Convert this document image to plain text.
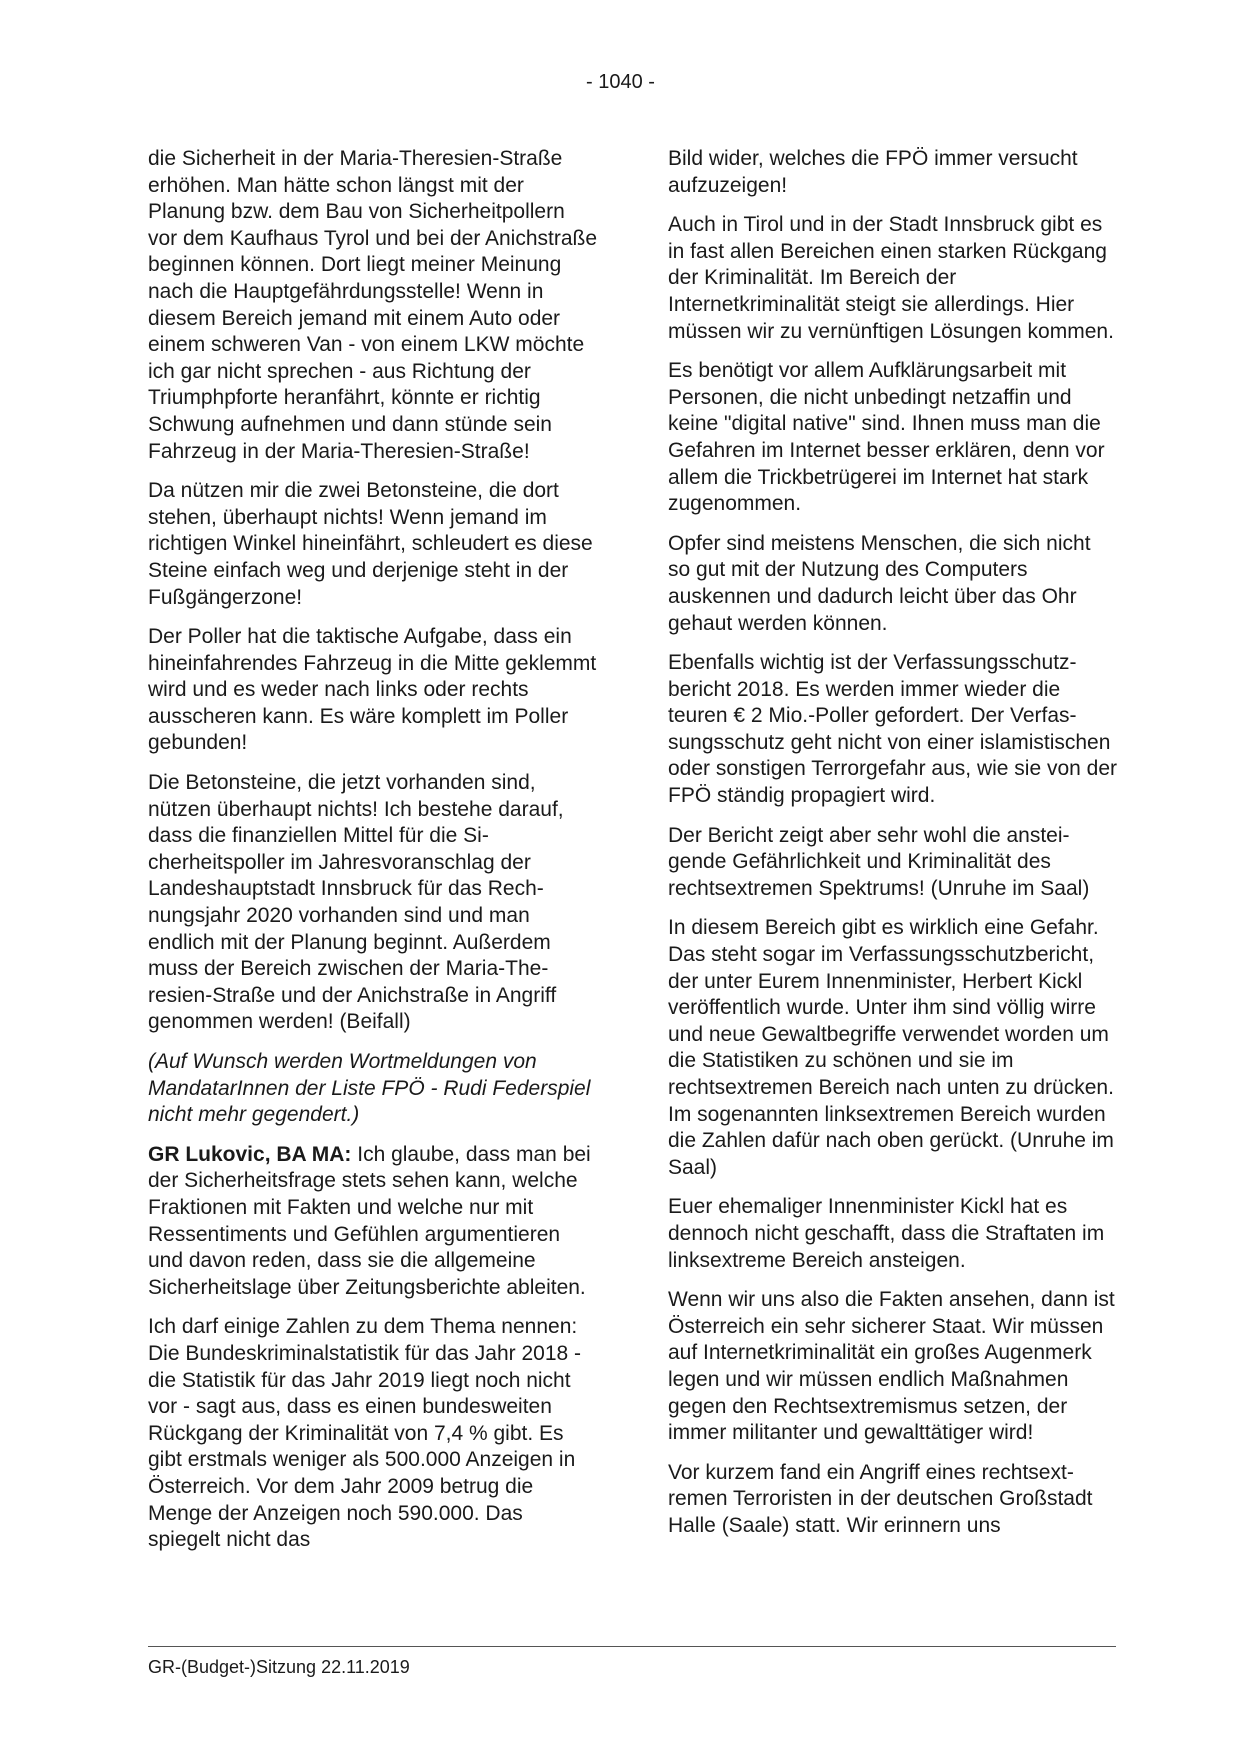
- 1040 -

die Sicherheit in der Maria-Theresien-Straße erhöhen. Man hätte schon längst mit der Planung bzw. dem Bau von Sicherheitpollern vor dem Kaufhaus Tyrol und bei der Anichstraße beginnen können. Dort liegt meiner Meinung nach die Hauptgefährdungsstelle! Wenn in diesem Bereich jemand mit einem Auto oder einem schweren Van - von einem LKW möchte ich gar nicht sprechen - aus Richtung der Triumphpforte heranfährt, könnte er richtig Schwung aufnehmen und dann stünde sein Fahrzeug in der Maria-Theresien-Straße!

Da nützen mir die zwei Betonsteine, die dort stehen, überhaupt nichts! Wenn jemand im richtigen Winkel hineinfährt, schleudert es diese Steine einfach weg und derjenige steht in der Fußgängerzone!

Der Poller hat die taktische Aufgabe, dass ein hineinfahrendes Fahrzeug in die Mitte geklemmt wird und es weder nach links oder rechts ausscheren kann. Es wäre komplett im Poller gebunden!

Die Betonsteine, die jetzt vorhanden sind, nützen überhaupt nichts! Ich bestehe darauf, dass die finanziellen Mittel für die Sicherheitspoller im Jahresvoranschlag der Landeshauptstadt Innsbruck für das Rechnungsjahr 2020 vorhanden sind und man endlich mit der Planung beginnt. Außerdem muss der Bereich zwischen der Maria-Theresien-Straße und der Anichstraße in Angriff genommen werden! (Beifall)

(Auf Wunsch werden Wortmeldungen von MandatarInnen der Liste FPÖ - Rudi Federspiel nicht mehr gegendert.)

GR Lukovic, BA MA: Ich glaube, dass man bei der Sicherheitsfrage stets sehen kann, welche Fraktionen mit Fakten und welche nur mit Ressentiments und Gefühlen argumentieren und davon reden, dass sie die allgemeine Sicherheitslage über Zeitungsberichte ableiten.

Ich darf einige Zahlen zu dem Thema nennen: Die Bundeskriminalstatistik für das Jahr 2018 - die Statistik für das Jahr 2019 liegt noch nicht vor - sagt aus, dass es einen bundesweiten Rückgang der Kriminalität von 7,4 % gibt. Es gibt erstmals weniger als 500.000 Anzeigen in Österreich. Vor dem Jahr 2009 betrug die Menge der Anzeigen noch 590.000. Das spiegelt nicht das

Bild wider, welches die FPÖ immer versucht aufzuzeigen!

Auch in Tirol und in der Stadt Innsbruck gibt es in fast allen Bereichen einen starken Rückgang der Kriminalität. Im Bereich der Internetkriminalität steigt sie allerdings. Hier müssen wir zu vernünftigen Lösungen kommen.

Es benötigt vor allem Aufklärungsarbeit mit Personen, die nicht unbedingt netzaffin und keine "digital native" sind. Ihnen muss man die Gefahren im Internet besser erklären, denn vor allem die Trickbetrügerei im Internet hat stark zugenommen.

Opfer sind meistens Menschen, die sich nicht so gut mit der Nutzung des Computers auskennen und dadurch leicht über das Ohr gehaut werden können.

Ebenfalls wichtig ist der Verfassungsschutzbericht 2018. Es werden immer wieder die teuren € 2 Mio.-Poller gefordert. Der Verfassungsschutz geht nicht von einer islamistischen oder sonstigen Terrorgefahr aus, wie sie von der FPÖ ständig propagiert wird.

Der Bericht zeigt aber sehr wohl die ansteigende Gefährlichkeit und Kriminalität des rechtsextremen Spektrums! (Unruhe im Saal)

In diesem Bereich gibt es wirklich eine Gefahr. Das steht sogar im Verfassungsschutzbericht, der unter Eurem Innenminister, Herbert Kickl veröffentlich wurde. Unter ihm sind völlig wirre und neue Gewaltbegriffe verwendet worden um die Statistiken zu schönen und sie im rechtsextremen Bereich nach unten zu drücken. Im sogenannten linksextremen Bereich wurden die Zahlen dafür nach oben gerückt. (Unruhe im Saal)

Euer ehemaliger Innenminister Kickl hat es dennoch nicht geschafft, dass die Straftaten im linksextreme Bereich ansteigen.

Wenn wir uns also die Fakten ansehen, dann ist Österreich ein sehr sicherer Staat. Wir müssen auf Internetkriminalität ein großes Augenmerk legen und wir müssen endlich Maßnahmen gegen den Rechtsextremismus setzen, der immer militanter und gewalttätiger wird!

Vor kurzem fand ein Angriff eines rechtsextremen Terroristen in der deutschen Großstadt Halle (Saale) statt. Wir erinnern uns

GR-(Budget-)Sitzung 22.11.2019
